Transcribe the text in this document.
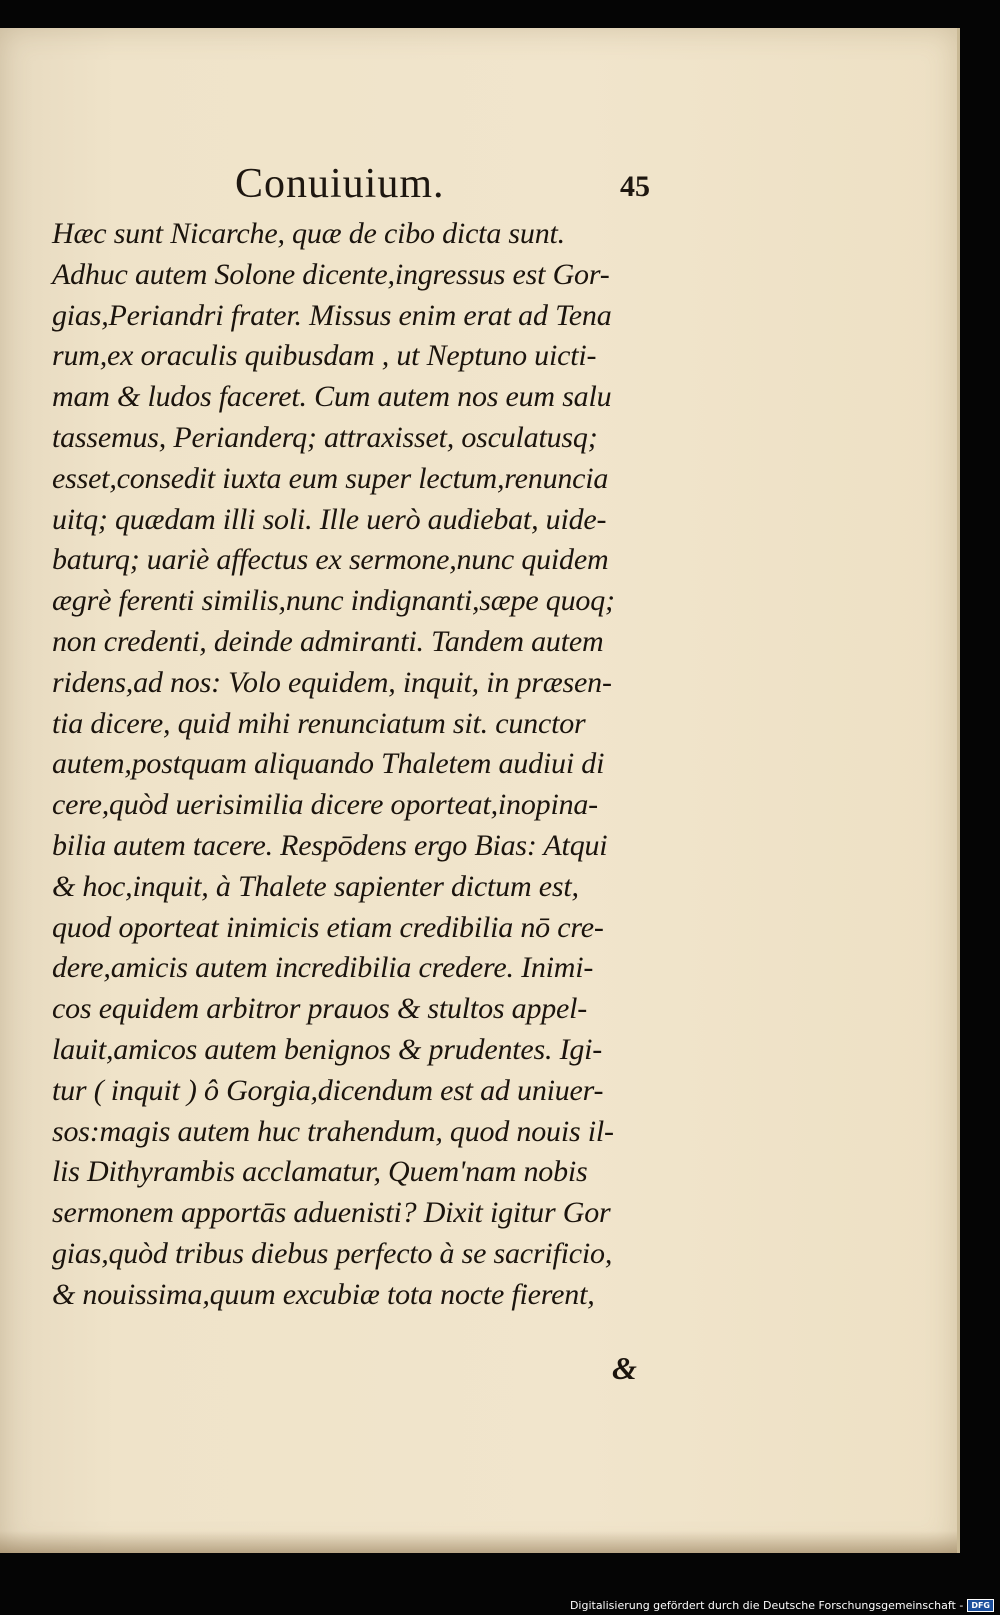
Conuiuium.	45
Hæc sunt Nicarche, quæ de cibo dicta sunt.
Adhuc autem Solone dicente,ingressus est Gor-
gias,Periandri frater. Missus enim erat ad Tena
rum,ex oraculis quibusdam , ut Neptuno uicti-
mam & ludos faceret. Cum autem nos eum salu
tassemus, Perianderq; attraxisset, osculatusq;
esset,consedit iuxta eum super lectum,renuncia
uitq; quædam illi soli. Ille uerò audiebat, uide-
baturq; uariè affectus ex sermone,nunc quidem
ægrè ferenti similis,nunc indignanti,sæpe quoq;
non credenti, deinde admiranti. Tandem autem
ridens,ad nos: Volo equidem, inquit, in præsen-
tia dicere, quid mihi renunciatum sit. cunctor
autem,postquam aliquando Thaletem audiui di
cere,quòd uerisimilia dicere oporteat,inopina-
bilia autem tacere. Respōdens ergo Bias: Atqui
& hoc,inquit, à Thalete sapienter dictum est,
quod oporteat inimicis etiam credibilia nō cre-
dere,amicis autem incredibilia credere. Inimi-
cos equidem arbitror prauos & stultos appel-
lauit,amicos autem benignos & prudentes. Igi-
tur ( inquit ) ô Gorgia,dicendum est ad uniuer-
sos:magis autem huc trahendum, quod nouis il-
lis Dithyrambis acclamatur, Quem'nam nobis
sermonem apportās aduenisti? Dixit igitur Gor
gias,quòd tribus diebus perfecto à se sacrificio,
& nouissima,quum excubiæ tota nocte fierent,
&
Digitalisierung gefördert durch die Deutsche Forschungsgemeinschaft -	DFG
